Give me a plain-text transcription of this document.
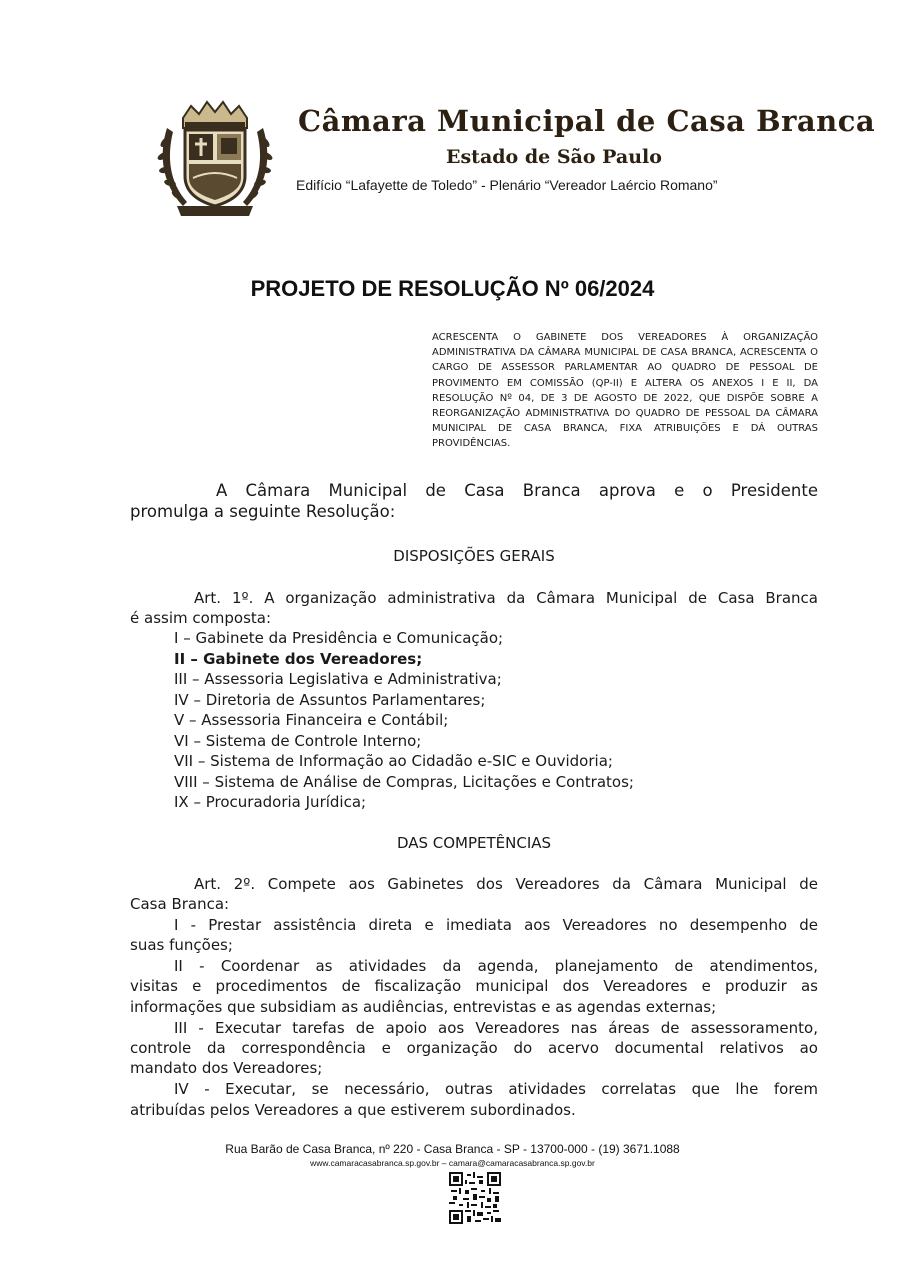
Câmara Municipal de Casa Branca
Estado de São Paulo
Edifício “Lafayette de Toledo” - Plenário “Vereador Laércio Romano”
PROJETO DE RESOLUÇÃO Nº 06/2024
ACRESCENTA O GABINETE DOS VEREADORES À ORGANIZAÇÃO ADMINISTRATIVA DA CÂMARA MUNICIPAL DE CASA BRANCA, ACRESCENTA O CARGO DE ASSESSOR PARLAMENTAR AO QUADRO DE PESSOAL DE PROVIMENTO EM COMISSÃO (QP-II) E ALTERA OS ANEXOS I E II, DA RESOLUÇÃO Nº 04, DE 3 DE AGOSTO DE 2022, QUE DISPÕE SOBRE A REORGANIZAÇÃO ADMINISTRATIVA DO QUADRO DE PESSOAL DA CÂMARA MUNICIPAL DE CASA BRANCA, FIXA ATRIBUIÇÕES E DÁ OUTRAS PROVIDÊNCIAS.
A Câmara Municipal de Casa Branca aprova e o Presidente
promulga a seguinte Resolução:
DISPOSIÇÕES GERAIS
Art. 1º. A organização administrativa da Câmara Municipal de Casa Branca
é assim composta:
I – Gabinete da Presidência e Comunicação;
II – Gabinete dos Vereadores;
III – Assessoria Legislativa e Administrativa;
IV – Diretoria de Assuntos Parlamentares;
V – Assessoria Financeira e Contábil;
VI – Sistema de Controle Interno;
VII – Sistema de Informação ao Cidadão e-SIC e Ouvidoria;
VIII – Sistema de Análise de Compras, Licitações e Contratos;
IX – Procuradoria Jurídica;
DAS COMPETÊNCIAS
Art. 2º. Compete aos Gabinetes dos Vereadores da Câmara Municipal de
Casa Branca:
I - Prestar assistência direta e imediata aos Vereadores no desempenho de
suas funções;
II - Coordenar as atividades da agenda, planejamento de atendimentos,
visitas e procedimentos de fiscalização municipal dos Vereadores e produzir as
informações que subsidiam as audiências, entrevistas e as agendas externas;
III - Executar tarefas de apoio aos Vereadores nas áreas de assessoramento,
controle da correspondência e organização do acervo documental relativos ao
mandato dos Vereadores;
IV - Executar, se necessário, outras atividades correlatas que lhe forem
atribuídas pelos Vereadores a que estiverem subordinados.
Rua Barão de Casa Branca, nº 220 - Casa Branca - SP - 13700-000 - (19) 3671.1088
www.camaracasabranca.sp.gov.br – camara@camaracasabranca.sp.gov.br
